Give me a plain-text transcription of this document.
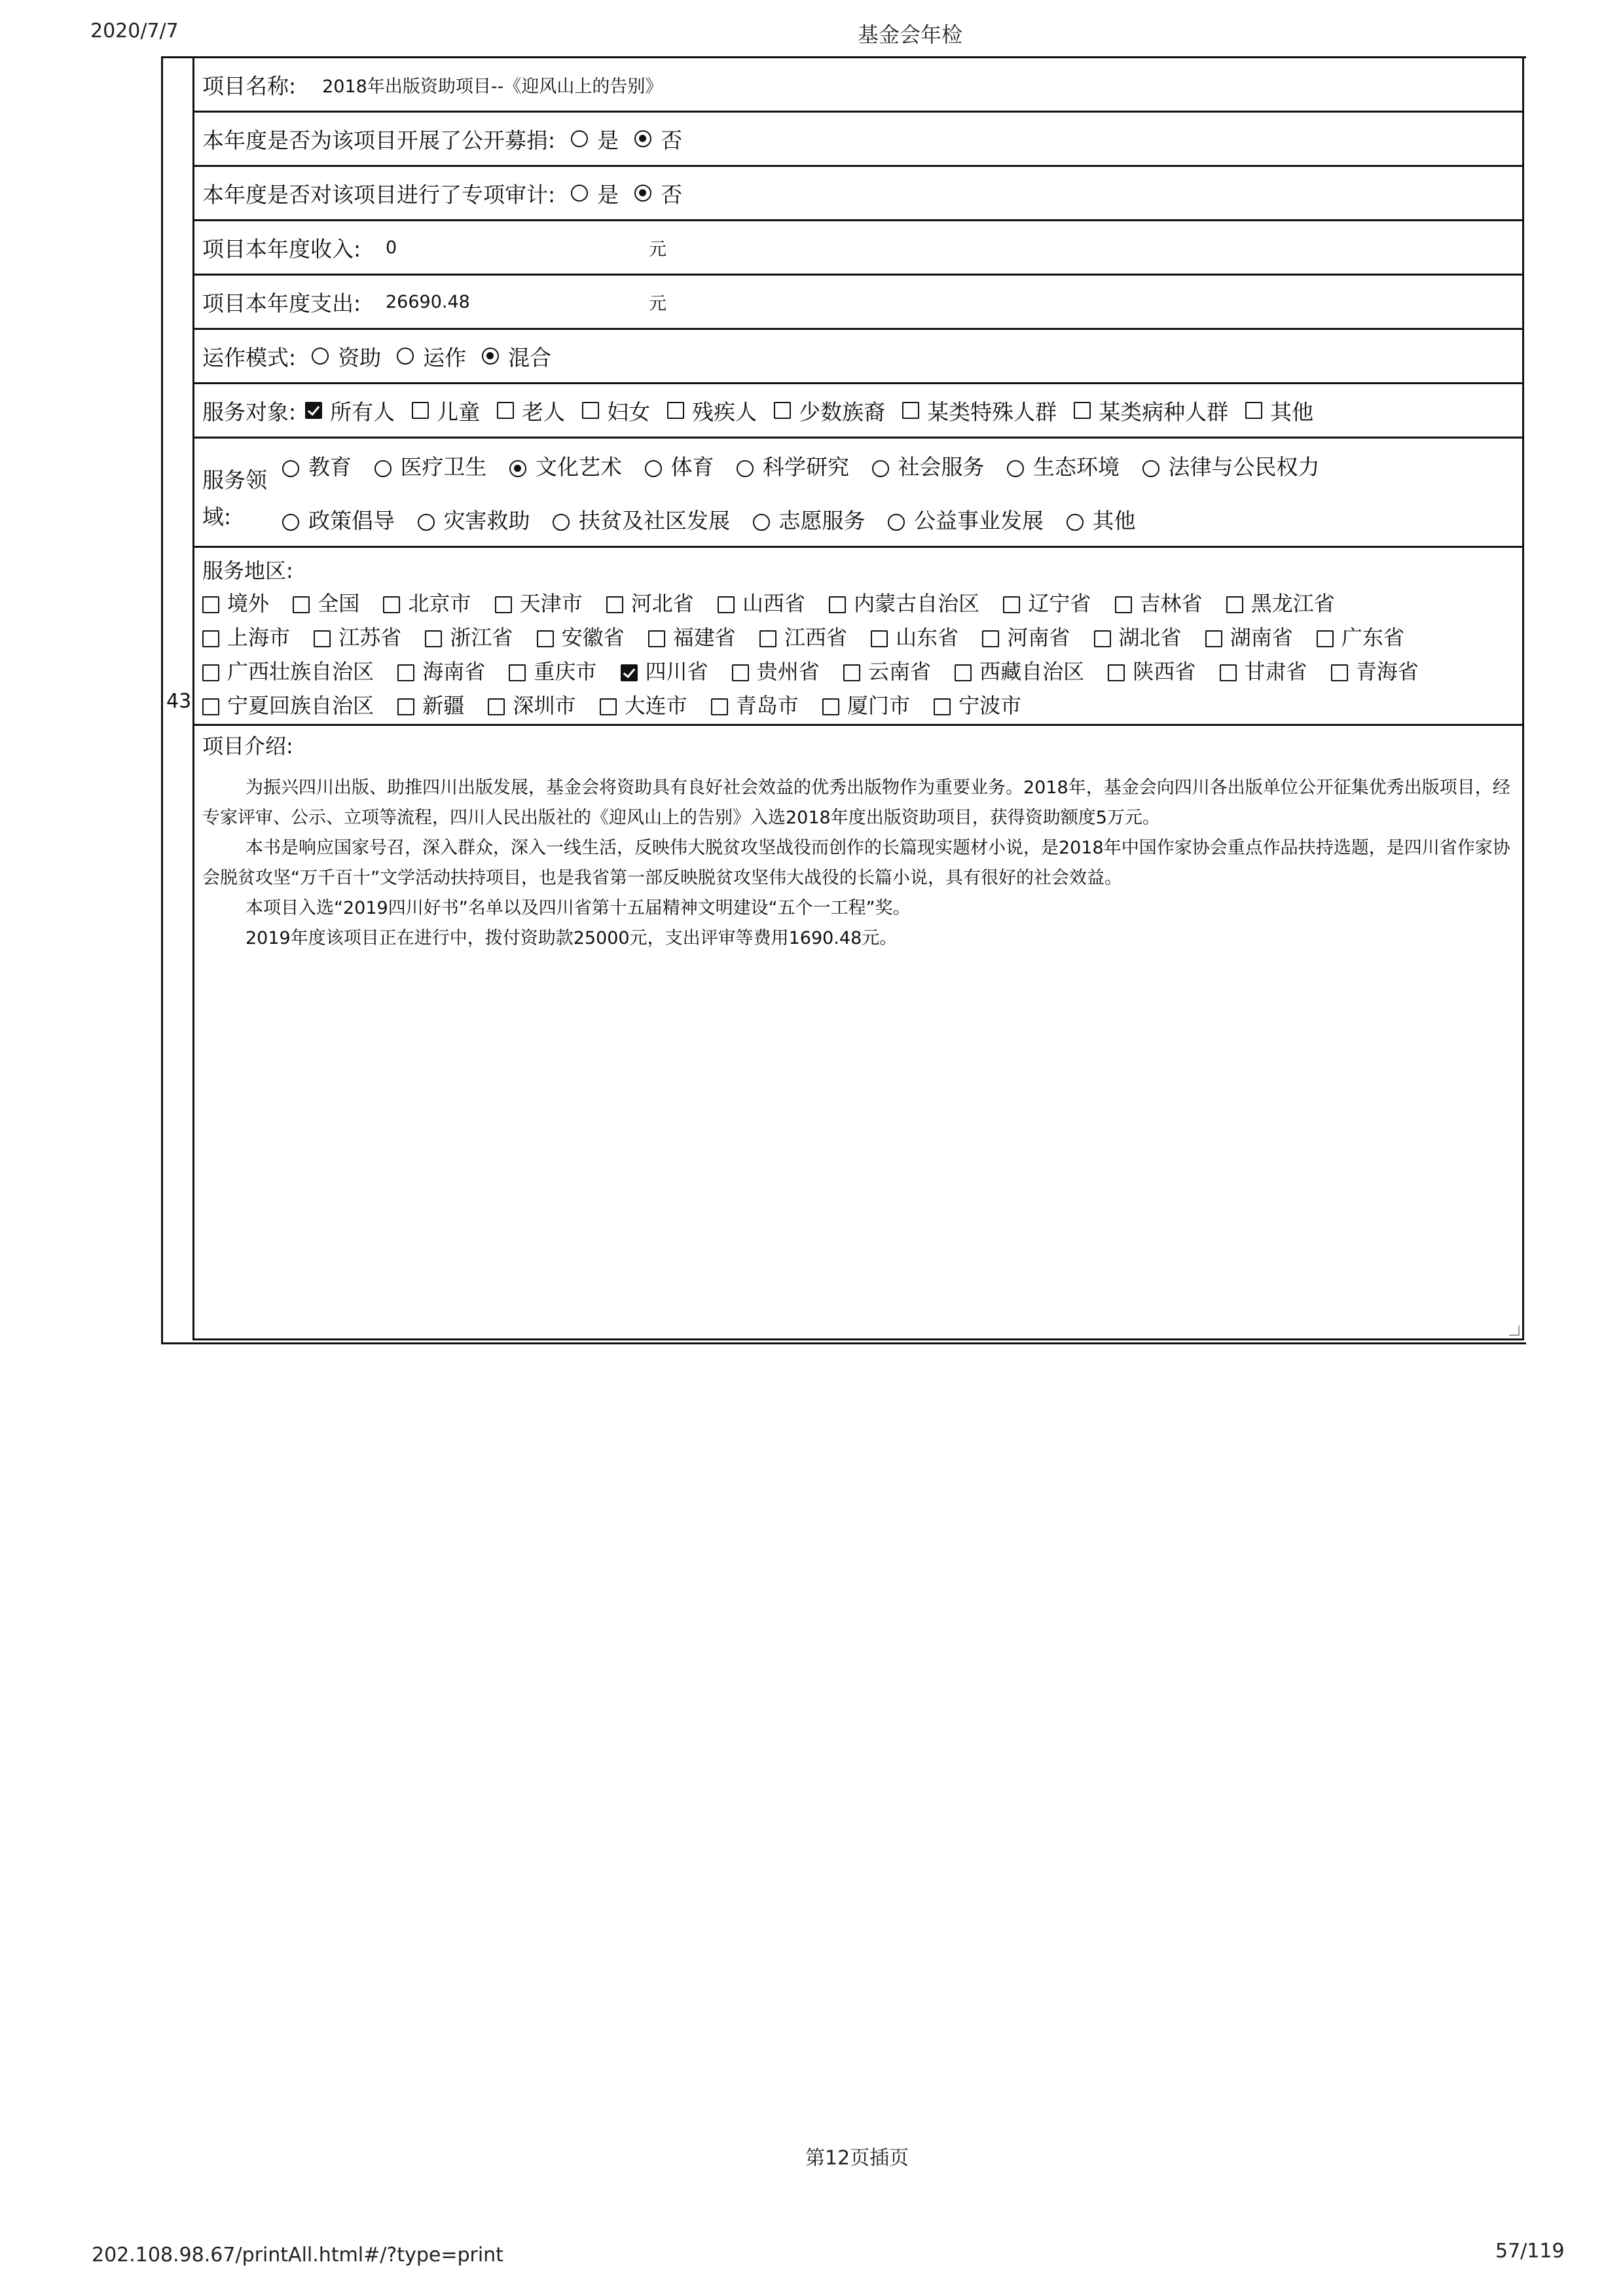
2020/7/7	基金会年检
43
项目名称: 2018年出版资助项目--《迎风山上的告别》
本年度是否为该项目开展了公开募捐: 是 否
本年度是否对该项目进行了专项审计: 是 否
项目本年度收入: 0	元
项目本年度支出: 26690.48	元
运作模式: 资助 运作 混合
服务对象: 所有人 儿童 老人 妇女 残疾人 少数族裔 某类特殊人群 某类病种人群 其他
服务领
域:
教育 医疗卫生 文化艺术 体育 科学研究 社会服务 生态环境 法律与公民权力
政策倡导 灾害救助 扶贫及社区发展 志愿服务 公益事业发展 其他
服务地区:
境外 全国 北京市 天津市 河北省 山西省 内蒙古自治区 辽宁省 吉林省 黑龙江省
上海市 江苏省 浙江省 安徽省 福建省 江西省 山东省 河南省 湖北省 湖南省 广东省
广西壮族自治区 海南省 重庆市 四川省 贵州省 云南省 西藏自治区 陕西省 甘肃省 青海省
宁夏回族自治区 新疆 深圳市 大连市 青岛市 厦门市 宁波市

项目介绍:

为振兴四川出版、助推四川出版发展，基金会将资助具有良好社会效益的优秀出版物作为重要业务。2018年，基金会向四川各出版单位公开征集优秀出版项目，经专家评审、公示、立项等流程，四川人民出版社的《迎风山上的告别》入选2018年度出版资助项目，获得资助额度5万元。

本书是响应国家号召，深入群众，深入一线生活，反映伟大脱贫攻坚战役而创作的长篇现实题材小说，是2018年中国作家协会重点作品扶持选题，是四川省作家协会脱贫攻坚“万千百十”文学活动扶持项目，也是我省第一部反映脱贫攻坚伟大战役的长篇小说，具有很好的社会效益。

本项目入选“2019四川好书”名单以及四川省第十五届精神文明建设“五个一工程”奖。

2019年度该项目正在进行中，拨付资助款25000元，支出评审等费用1690.48元。

第12页插页
202.108.98.67/printAll.html#/?type=print	57/119
